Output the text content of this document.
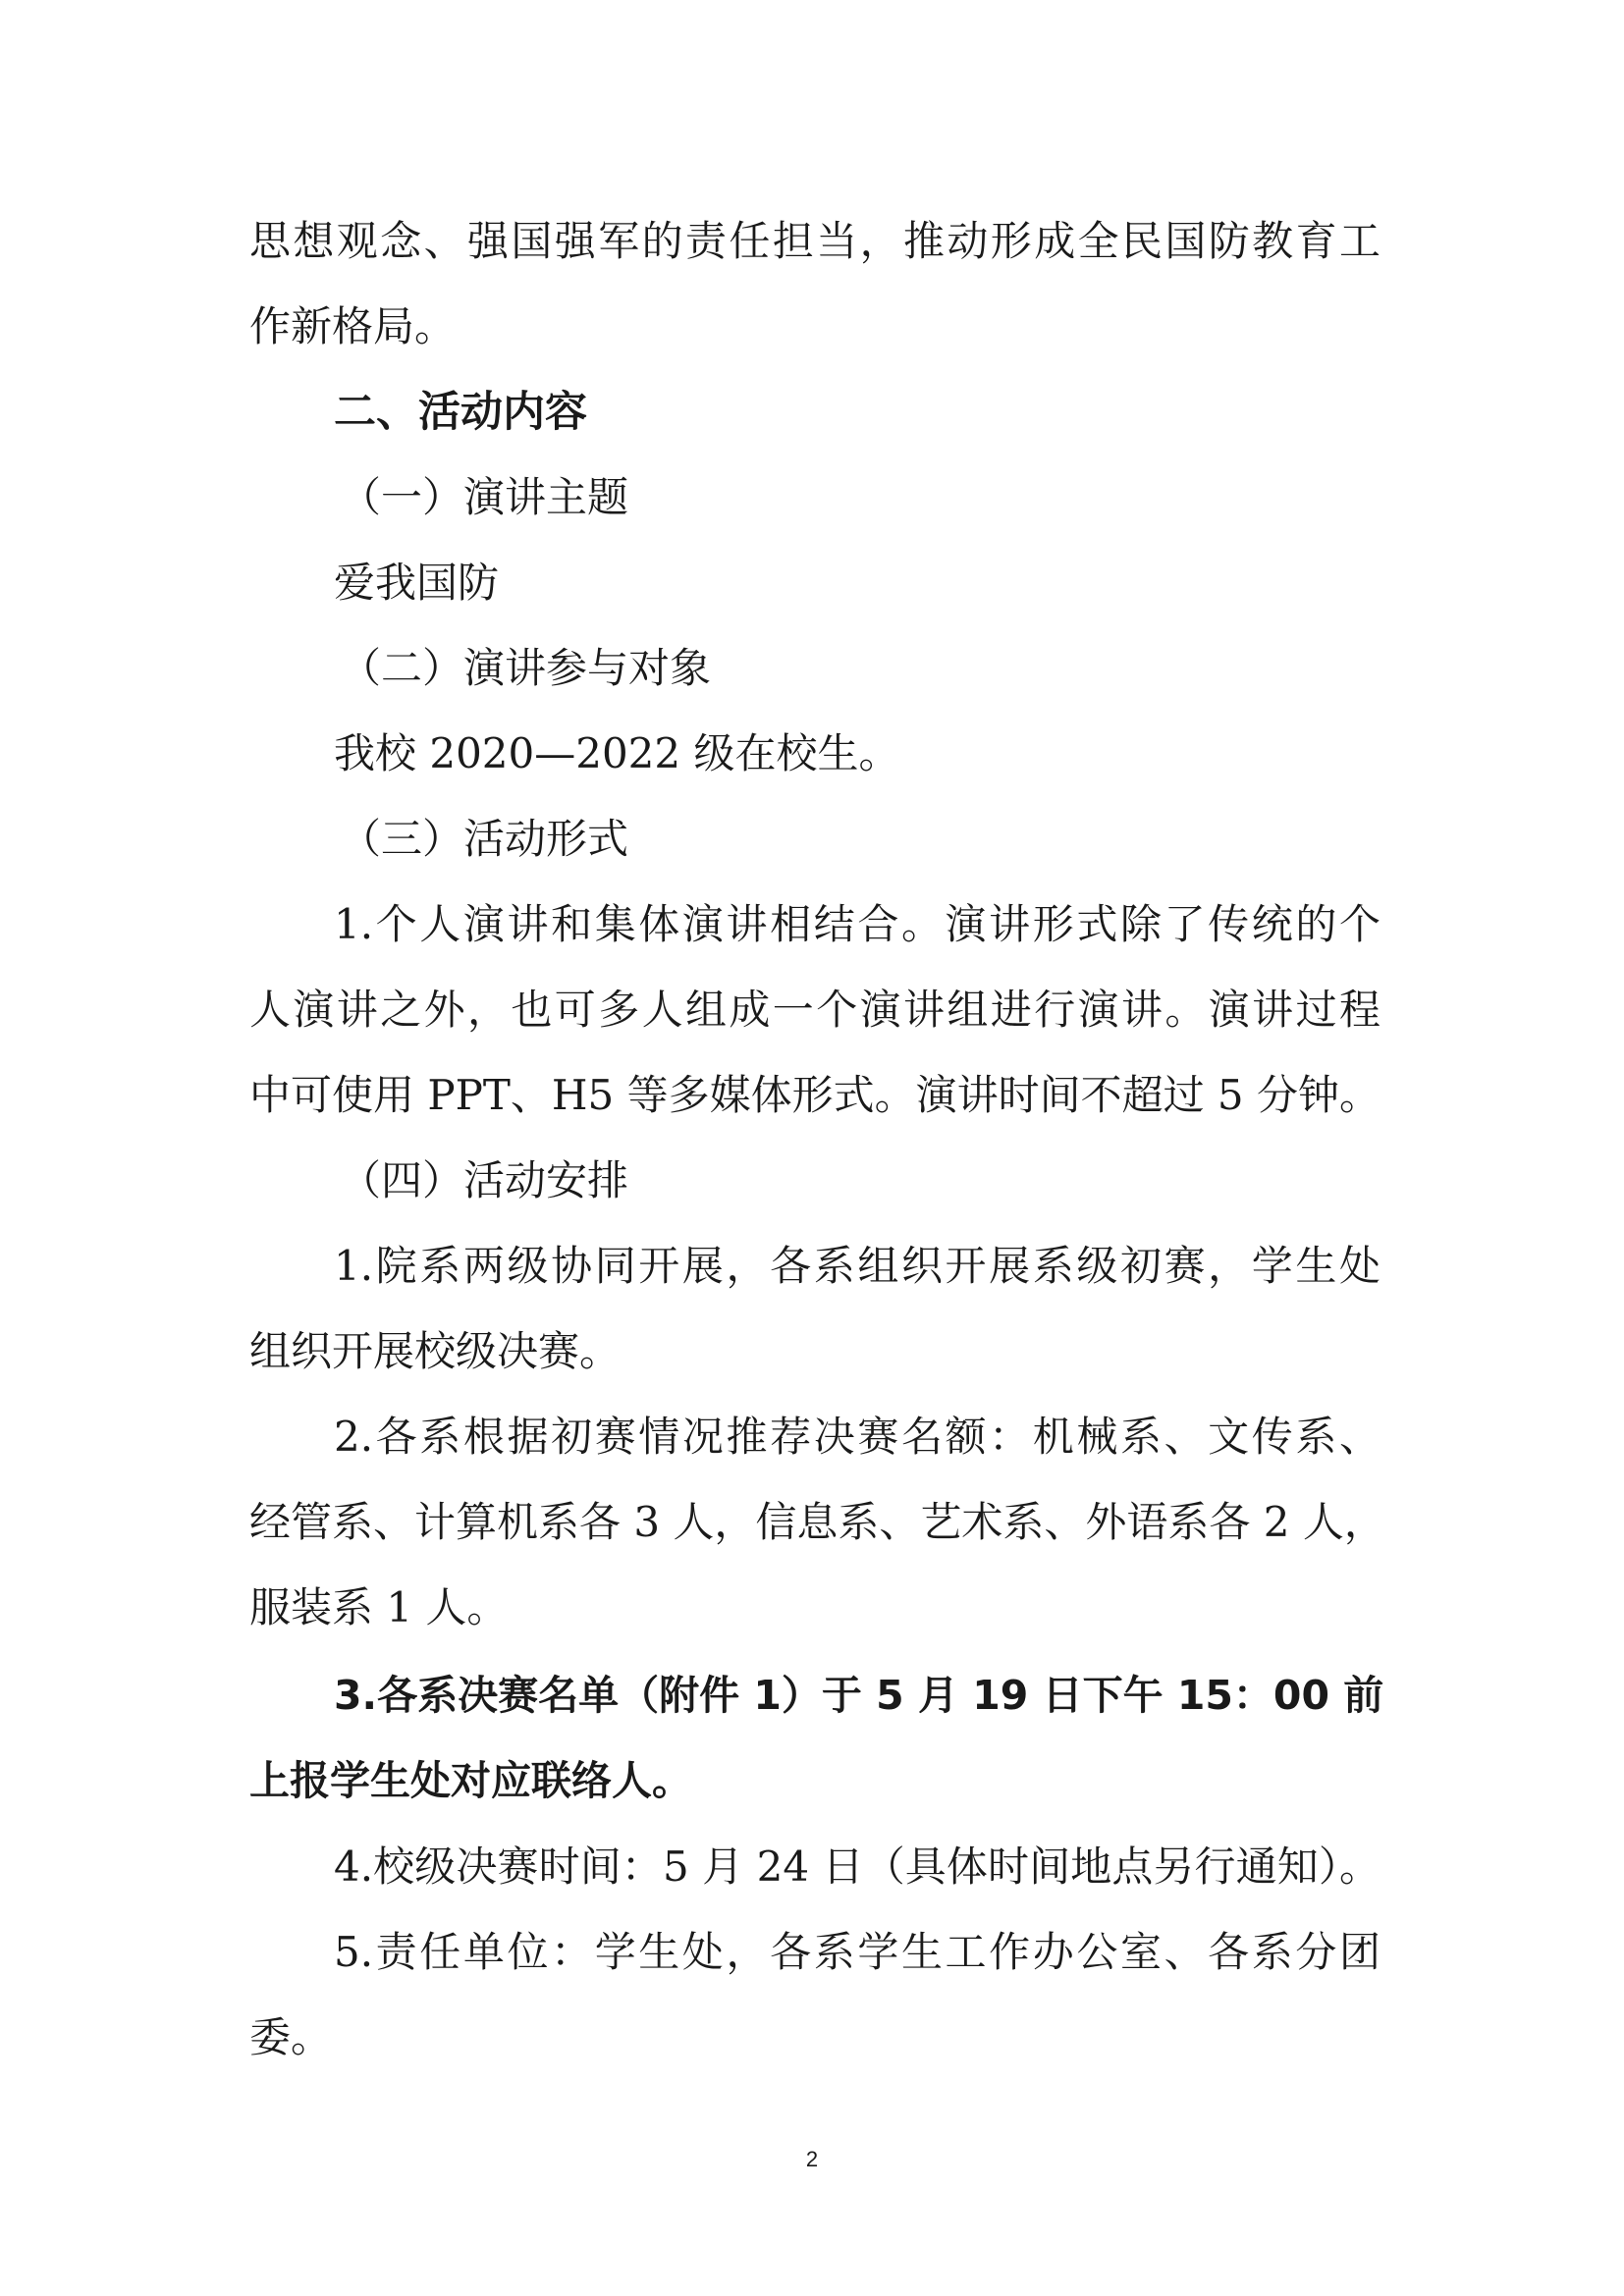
思想观念、强国强军的责任担当，推动形成全民国防教育工
作新格局。
二、活动内容
（一）演讲主题
爱我国防
（二）演讲参与对象
我校 2020—2022 级在校生。
（三）活动形式
1.个人演讲和集体演讲相结合。演讲形式除了传统的个
人演讲之外，也可多人组成一个演讲组进行演讲。演讲过程
中可使用 PPT、H5 等多媒体形式。演讲时间不超过 5 分钟。
（四）活动安排
1.院系两级协同开展，各系组织开展系级初赛，学生处
组织开展校级决赛。
2.各系根据初赛情况推荐决赛名额：机械系、文传系、
经管系、计算机系各 3 人，信息系、艺术系、外语系各 2 人，
服装系 1 人。
3.各系决赛名单（附件 1）于 5 月 19 日下午 15：00 前
上报学生处对应联络人。
4.校级决赛时间：5 月 24 日（具体时间地点另行通知）。
5.责任单位：学生处，各系学生工作办公室、各系分团
委。
2
